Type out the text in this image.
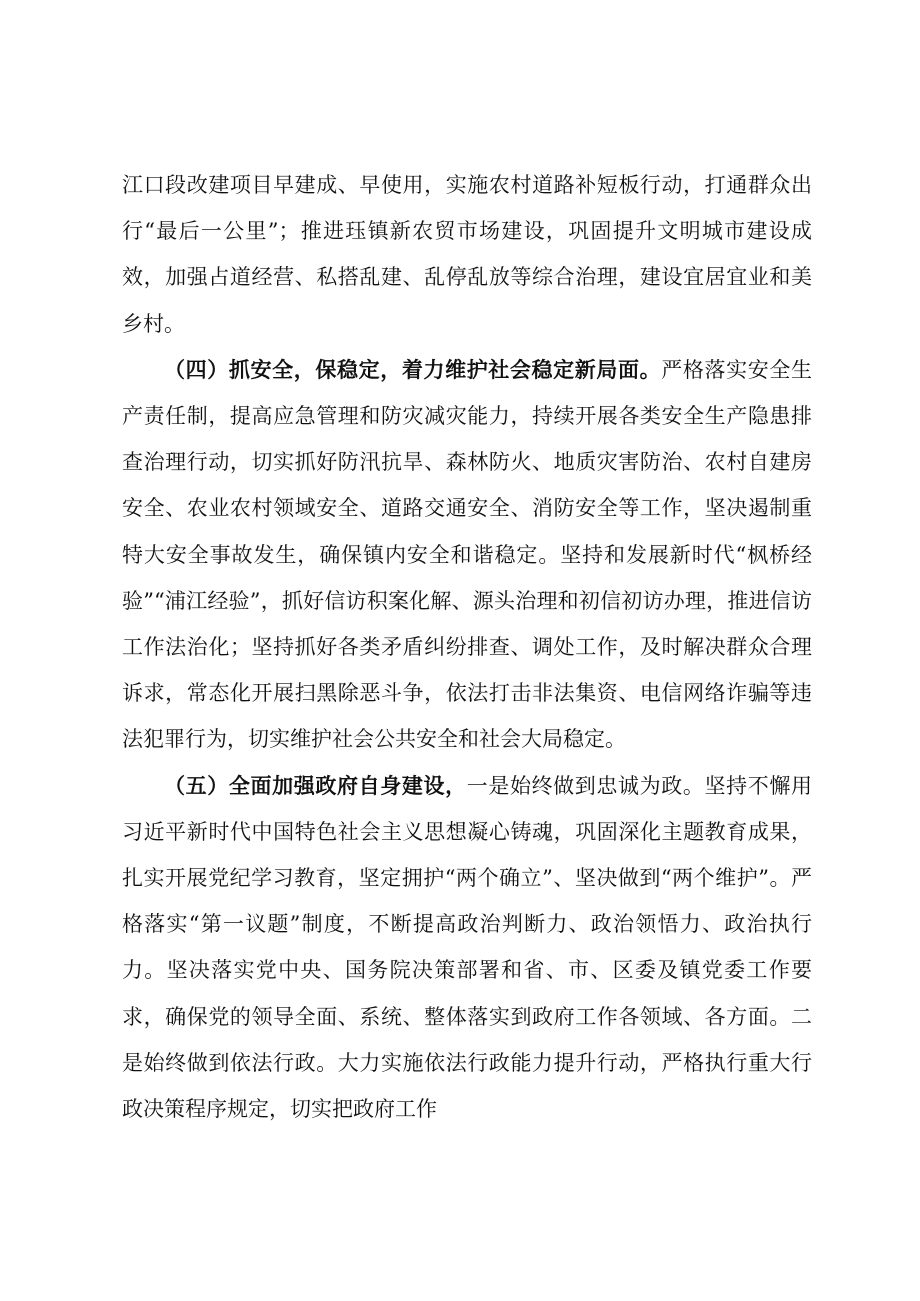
江口段改建项目早建成、早使用，实施农村道路补短板行动，打通群众出行“最后一公里”；推进珏镇新农贸市场建设，巩固提升文明城市建设成效，加强占道经营、私搭乱建、乱停乱放等综合治理，建设宜居宜业和美乡村。

（四）抓安全，保稳定，着力维护社会稳定新局面。严格落实安全生产责任制，提高应急管理和防灾减灾能力，持续开展各类安全生产隐患排查治理行动，切实抓好防汛抗旱、森林防火、地质灾害防治、农村自建房安全、农业农村领域安全、道路交通安全、消防安全等工作，坚决遏制重特大安全事故发生，确保镇内安全和谐稳定。坚持和发展新时代“枫桥经验”“浦江经验”，抓好信访积案化解、源头治理和初信初访办理，推进信访工作法治化；坚持抓好各类矛盾纠纷排查、调处工作，及时解决群众合理诉求，常态化开展扫黑除恶斗争，依法打击非法集资、电信网络诈骗等违法犯罪行为，切实维护社会公共安全和社会大局稳定。

（五）全面加强政府自身建设，一是始终做到忠诚为政。坚持不懈用习近平新时代中国特色社会主义思想凝心铸魂，巩固深化主题教育成果，扎实开展党纪学习教育，坚定拥护“两个确立”、坚决做到“两个维护”。严格落实“第一议题”制度，不断提高政治判断力、政治领悟力、政治执行力。坚决落实党中央、国务院决策部署和省、市、区委及镇党委工作要求，确保党的领导全面、系统、整体落实到政府工作各领域、各方面。二是始终做到依法行政。大力实施依法行政能力提升行动，严格执行重大行政决策程序规定，切实把政府工作
